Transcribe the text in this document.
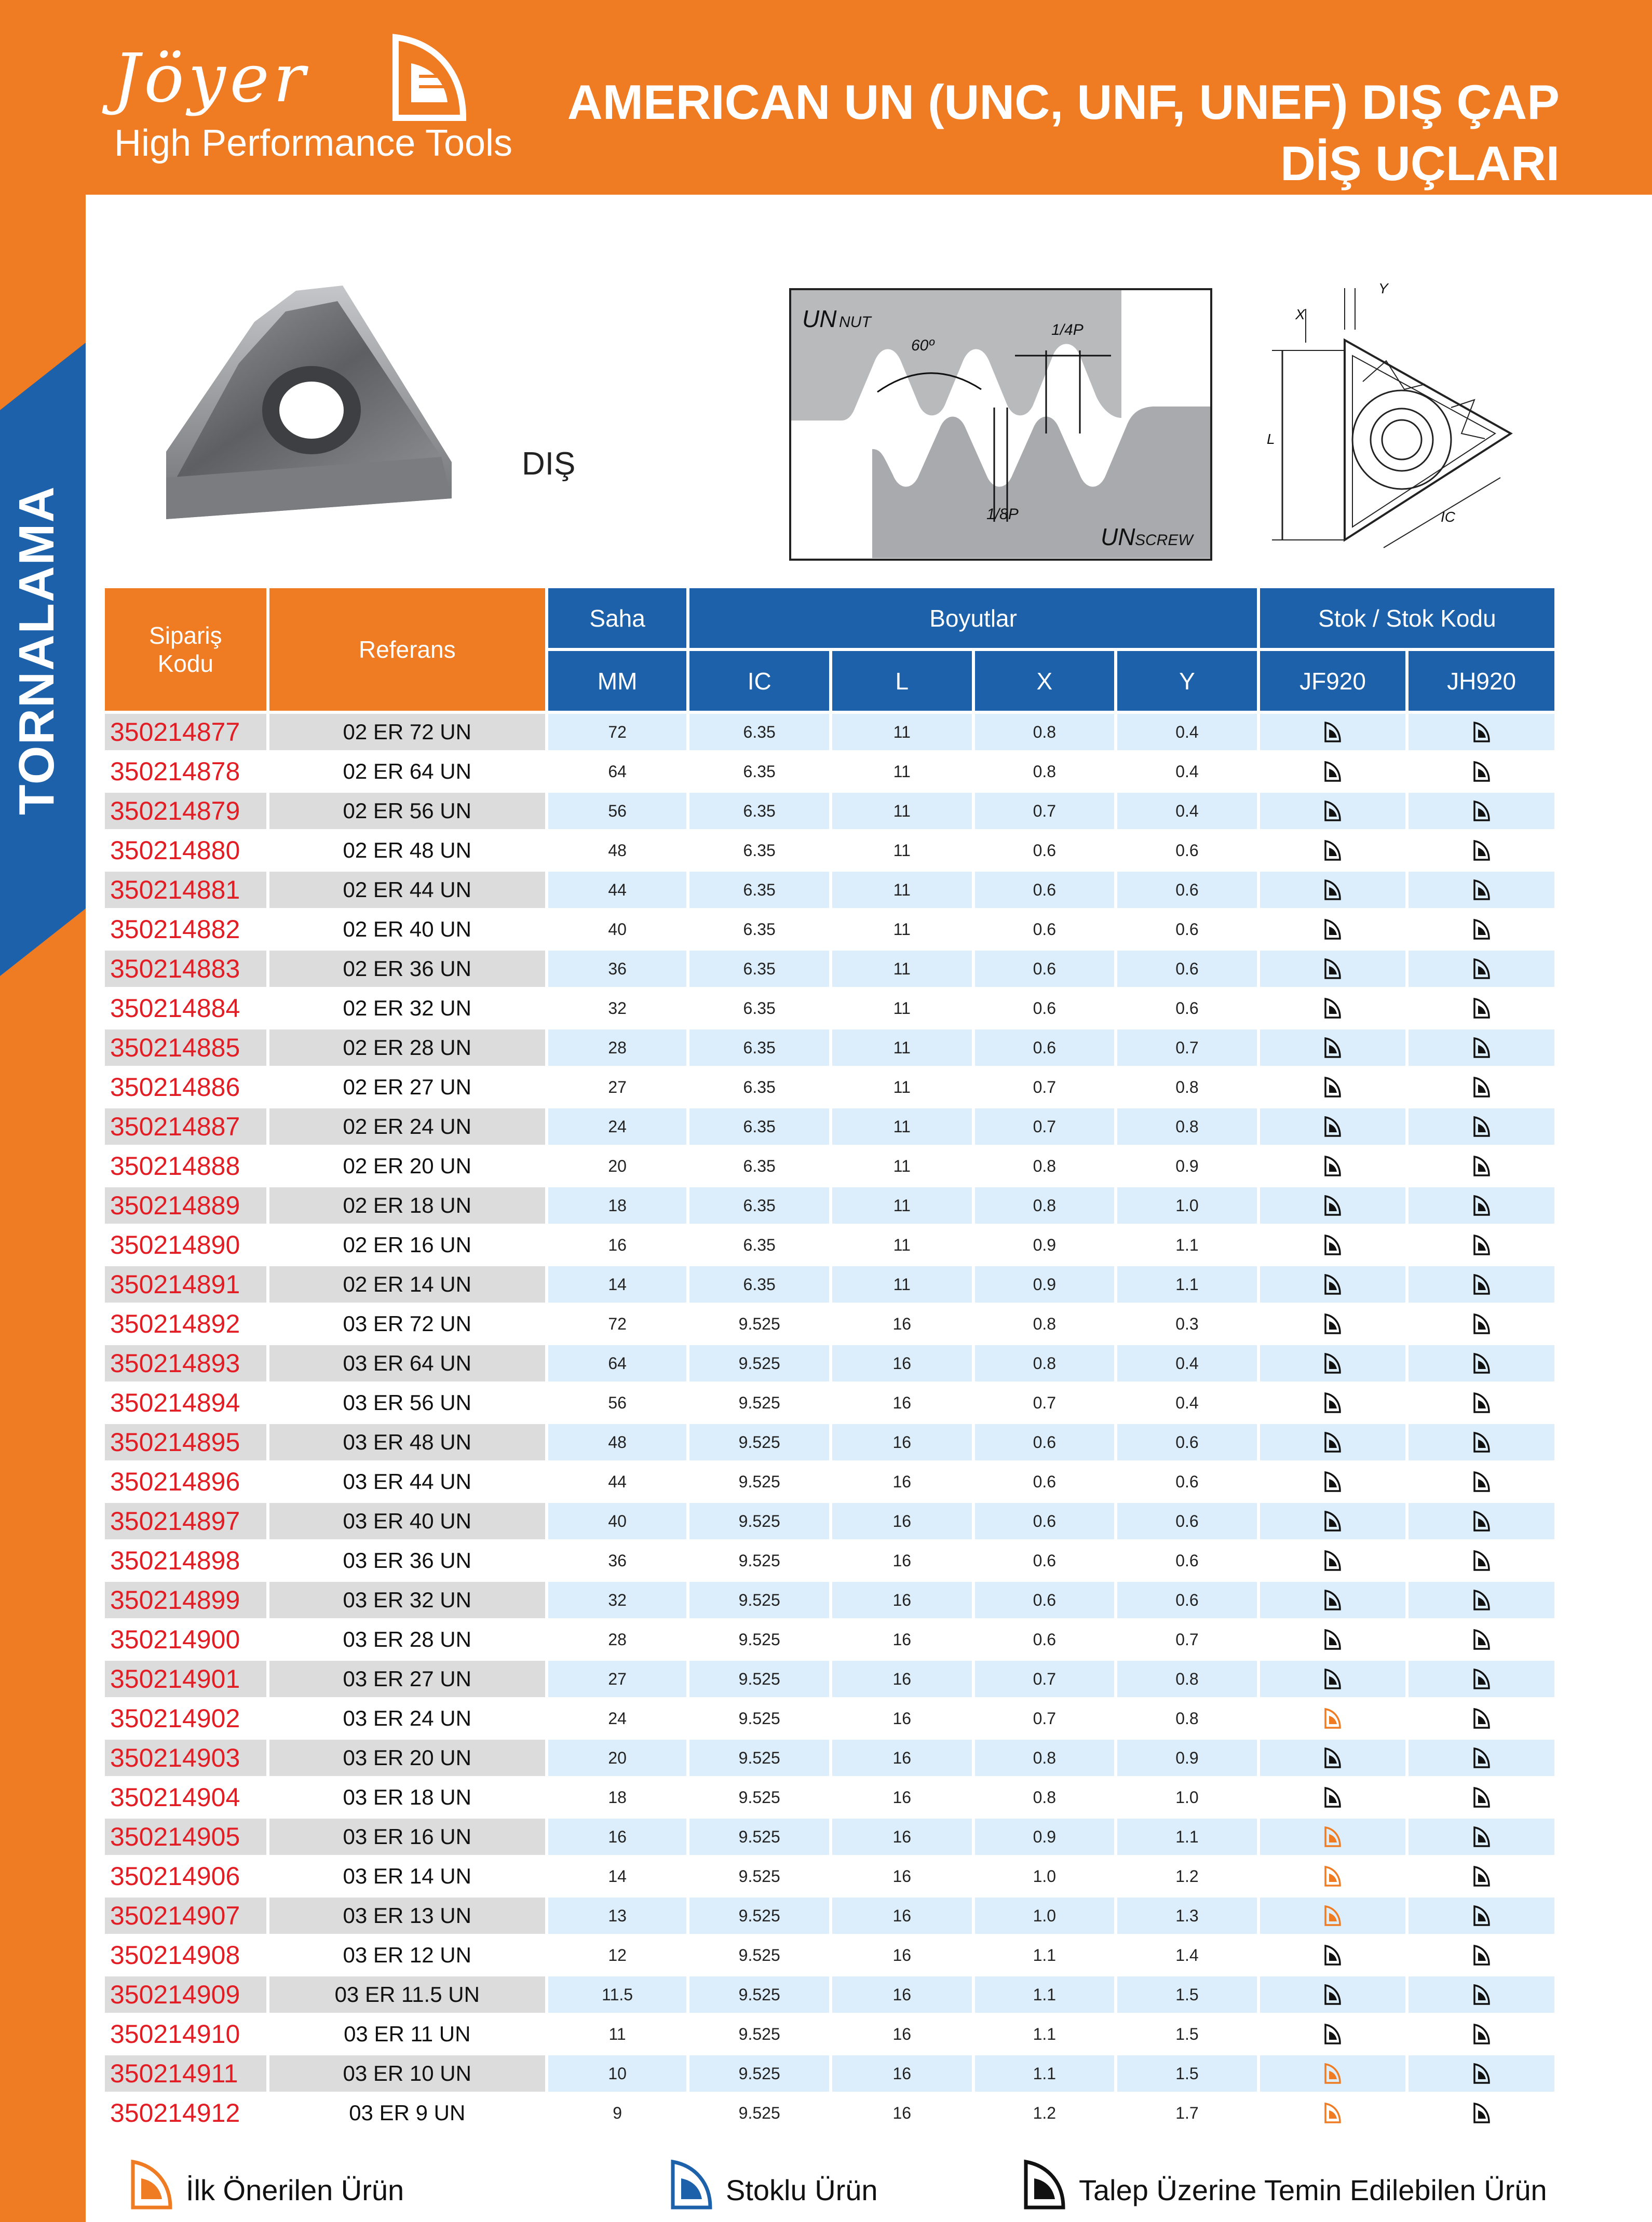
Jöyer
High Performance Tools
AMERICAN UN (UNC, UNF, UNEF) DIŞ ÇAP
DİŞ UÇLARI
TORNALAMA
DIŞ
UN NUT
60º
1/4P
1/8P
UN SCREW
L
X
Y
IC
Sipariş Kodu	Referans	Saha	Boyutlar				Stok / Stok Kodu	
		MM	IC	L	X	Y	JF920	JH920
350214877	02 ER 72 UN	72	6.35	11	0.8	0.4		
350214878	02 ER 64 UN	64	6.35	11	0.8	0.4		
350214879	02 ER 56 UN	56	6.35	11	0.7	0.4		
350214880	02 ER 48 UN	48	6.35	11	0.6	0.6		
350214881	02 ER 44 UN	44	6.35	11	0.6	0.6		
350214882	02 ER 40 UN	40	6.35	11	0.6	0.6		
350214883	02 ER 36 UN	36	6.35	11	0.6	0.6		
350214884	02 ER 32 UN	32	6.35	11	0.6	0.6		
350214885	02 ER 28 UN	28	6.35	11	0.6	0.7		
350214886	02 ER 27 UN	27	6.35	11	0.7	0.8		
350214887	02 ER 24 UN	24	6.35	11	0.7	0.8		
350214888	02 ER 20 UN	20	6.35	11	0.8	0.9		
350214889	02 ER 18 UN	18	6.35	11	0.8	1.0		
350214890	02 ER 16 UN	16	6.35	11	0.9	1.1		
350214891	02 ER 14 UN	14	6.35	11	0.9	1.1		
350214892	03 ER 72 UN	72	9.525	16	0.8	0.3		
350214893	03 ER 64 UN	64	9.525	16	0.8	0.4		
350214894	03 ER 56 UN	56	9.525	16	0.7	0.4		
350214895	03 ER 48 UN	48	9.525	16	0.6	0.6		
350214896	03 ER 44 UN	44	9.525	16	0.6	0.6		
350214897	03 ER 40 UN	40	9.525	16	0.6	0.6		
350214898	03 ER 36 UN	36	9.525	16	0.6	0.6		
350214899	03 ER 32 UN	32	9.525	16	0.6	0.6		
350214900	03 ER 28 UN	28	9.525	16	0.6	0.7		
350214901	03 ER 27 UN	27	9.525	16	0.7	0.8		
350214902	03 ER 24 UN	24	9.525	16	0.7	0.8		
350214903	03 ER 20 UN	20	9.525	16	0.8	0.9		
350214904	03 ER 18 UN	18	9.525	16	0.8	1.0		
350214905	03 ER 16 UN	16	9.525	16	0.9	1.1		
350214906	03 ER 14 UN	14	9.525	16	1.0	1.2		
350214907	03 ER 13 UN	13	9.525	16	1.0	1.3		
350214908	03 ER 12 UN	12	9.525	16	1.1	1.4		
350214909	03 ER 11.5 UN	11.5	9.525	16	1.1	1.5		
350214910	03 ER 11 UN	11	9.525	16	1.1	1.5		
350214911	03 ER 10 UN	10	9.525	16	1.1	1.5		
350214912	03 ER 9 UN	9	9.525	16	1.2	1.7		
İlk Önerilen Ürün	Stoklu Ürün	Talep Üzerine Temin Edilebilen Ürün
